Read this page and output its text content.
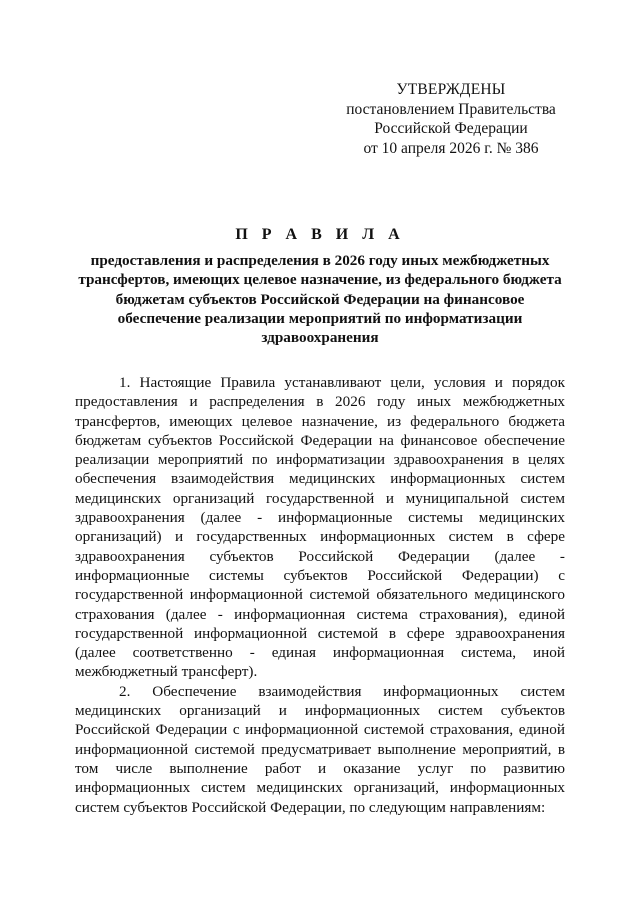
УТВЕРЖДЕНЫ
постановлением Правительства
Российской Федерации
от 10 апреля 2026 г. № 386
П Р А В И Л А
предоставления и распределения в 2026 году иных межбюджетных трансфертов, имеющих целевое назначение, из федерального бюджета бюджетам субъектов Российской Федерации на финансовое обеспечение реализации мероприятий по информатизации здравоохранения

1. Настоящие Правила устанавливают цели, условия и порядок предоставления и распределения в 2026 году иных межбюджетных трансфертов, имеющих целевое назначение, из федерального бюджета бюджетам субъектов Российской Федерации на финансовое обеспечение реализации мероприятий по информатизации здравоохранения в целях обеспечения взаимодействия медицинских информационных систем медицинских организаций государственной и муниципальной систем здравоохранения (далее - информационные системы медицинских организаций) и государственных информационных систем в сфере здравоохранения субъектов Российской Федерации (далее - информационные системы субъектов Российской Федерации) с государственной информационной системой обязательного медицинского страхования (далее - информационная система страхования), единой государственной информационной системой в сфере здравоохранения (далее соответственно - единая информационная система, иной межбюджетный трансферт).

2. Обеспечение взаимодействия информационных систем медицинских организаций и информационных систем субъектов Российской Федерации с информационной системой страхования, единой информационной системой предусматривает выполнение мероприятий, в том числе выполнение работ и оказание услуг по развитию информационных систем медицинских организаций, информационных систем субъектов Российской Федерации, по следующим направлениям:
